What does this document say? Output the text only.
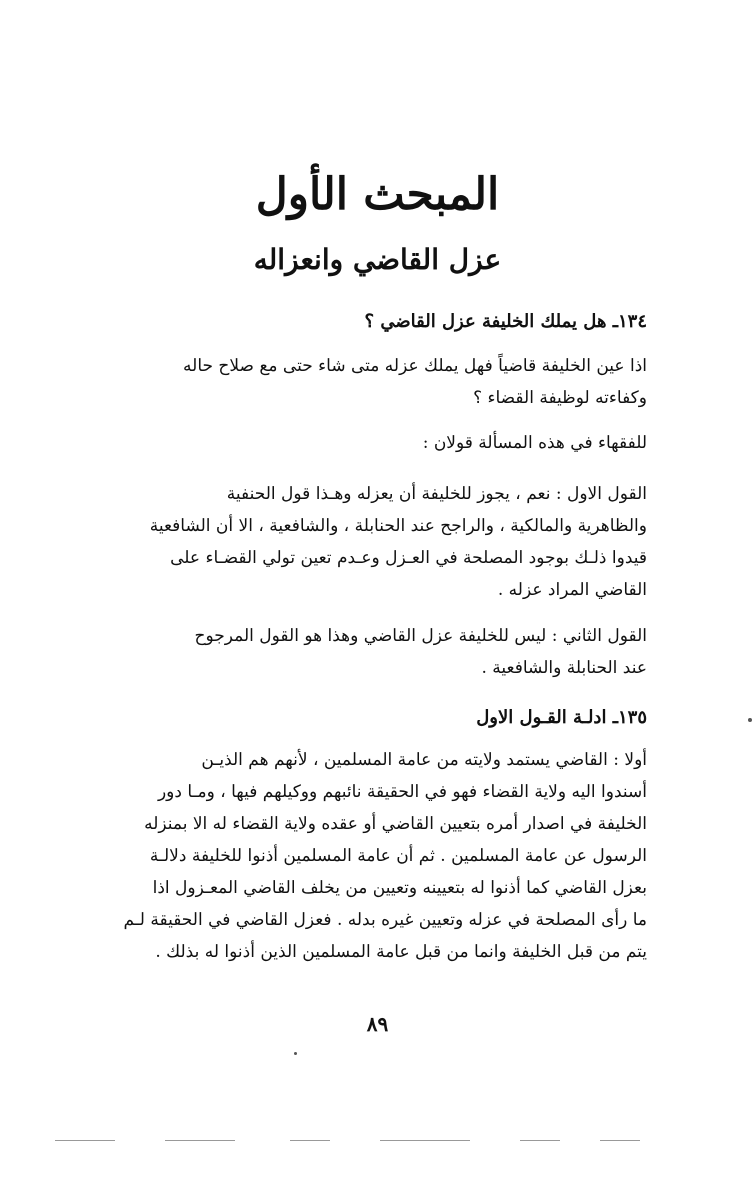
المبحث الأول
عزل القاضي وانعزاله
١٣٤ـ هل يملك الخليفة عزل القاضي ؟
اذا عين الخليفة قاضياً فهل يملك عزله متى شاء حتى مع صلاح حاله
وكفاءته لوظيفة القضاء ؟
للفقهاء في هذه المسألة قولان :
القول الاول : نعم ، يجوز للخليفة أن يعزله وهـذا قول الحنفية
والظاهرية والمالكية ، والراجح عند الحنابلة ، والشافعية ، الا أن الشافعية
قيدوا ذلـك بوجود المصلحة في العـزل وعـدم تعين تولي القضـاء على
القاضي المراد عزله .
القول الثاني : ليس للخليفة عزل القاضي وهذا هو القول المرجوح
عند الحنابلة والشافعية .
١٣٥ـ ادلـة القـول الاول
أولا : القاضي يستمد ولايته من عامة المسلمين ، لأنهم هم الذيـن
أسندوا اليه ولاية القضاء فهو في الحقيقة نائبهم ووكيلهم فيها ، ومـا دور
الخليفة في اصدار أمره بتعيين القاضي أو عقده ولاية القضاء له الا بمنزله
الرسول عن عامة المسلمين . ثم أن عامة المسلمين أذنوا للخليفة دلالـة
بعزل القاضي كما أذنوا له بتعيينه وتعيين من يخلف القاضي المعـزول اذا
ما رأى المصلحة في عزله وتعيين غيره بدله . فعزل القاضي في الحقيقة لـم
يتم من قبل الخليفة وانما من قبل عامة المسلمين الذين أذنوا له بذلك .
٨٩
